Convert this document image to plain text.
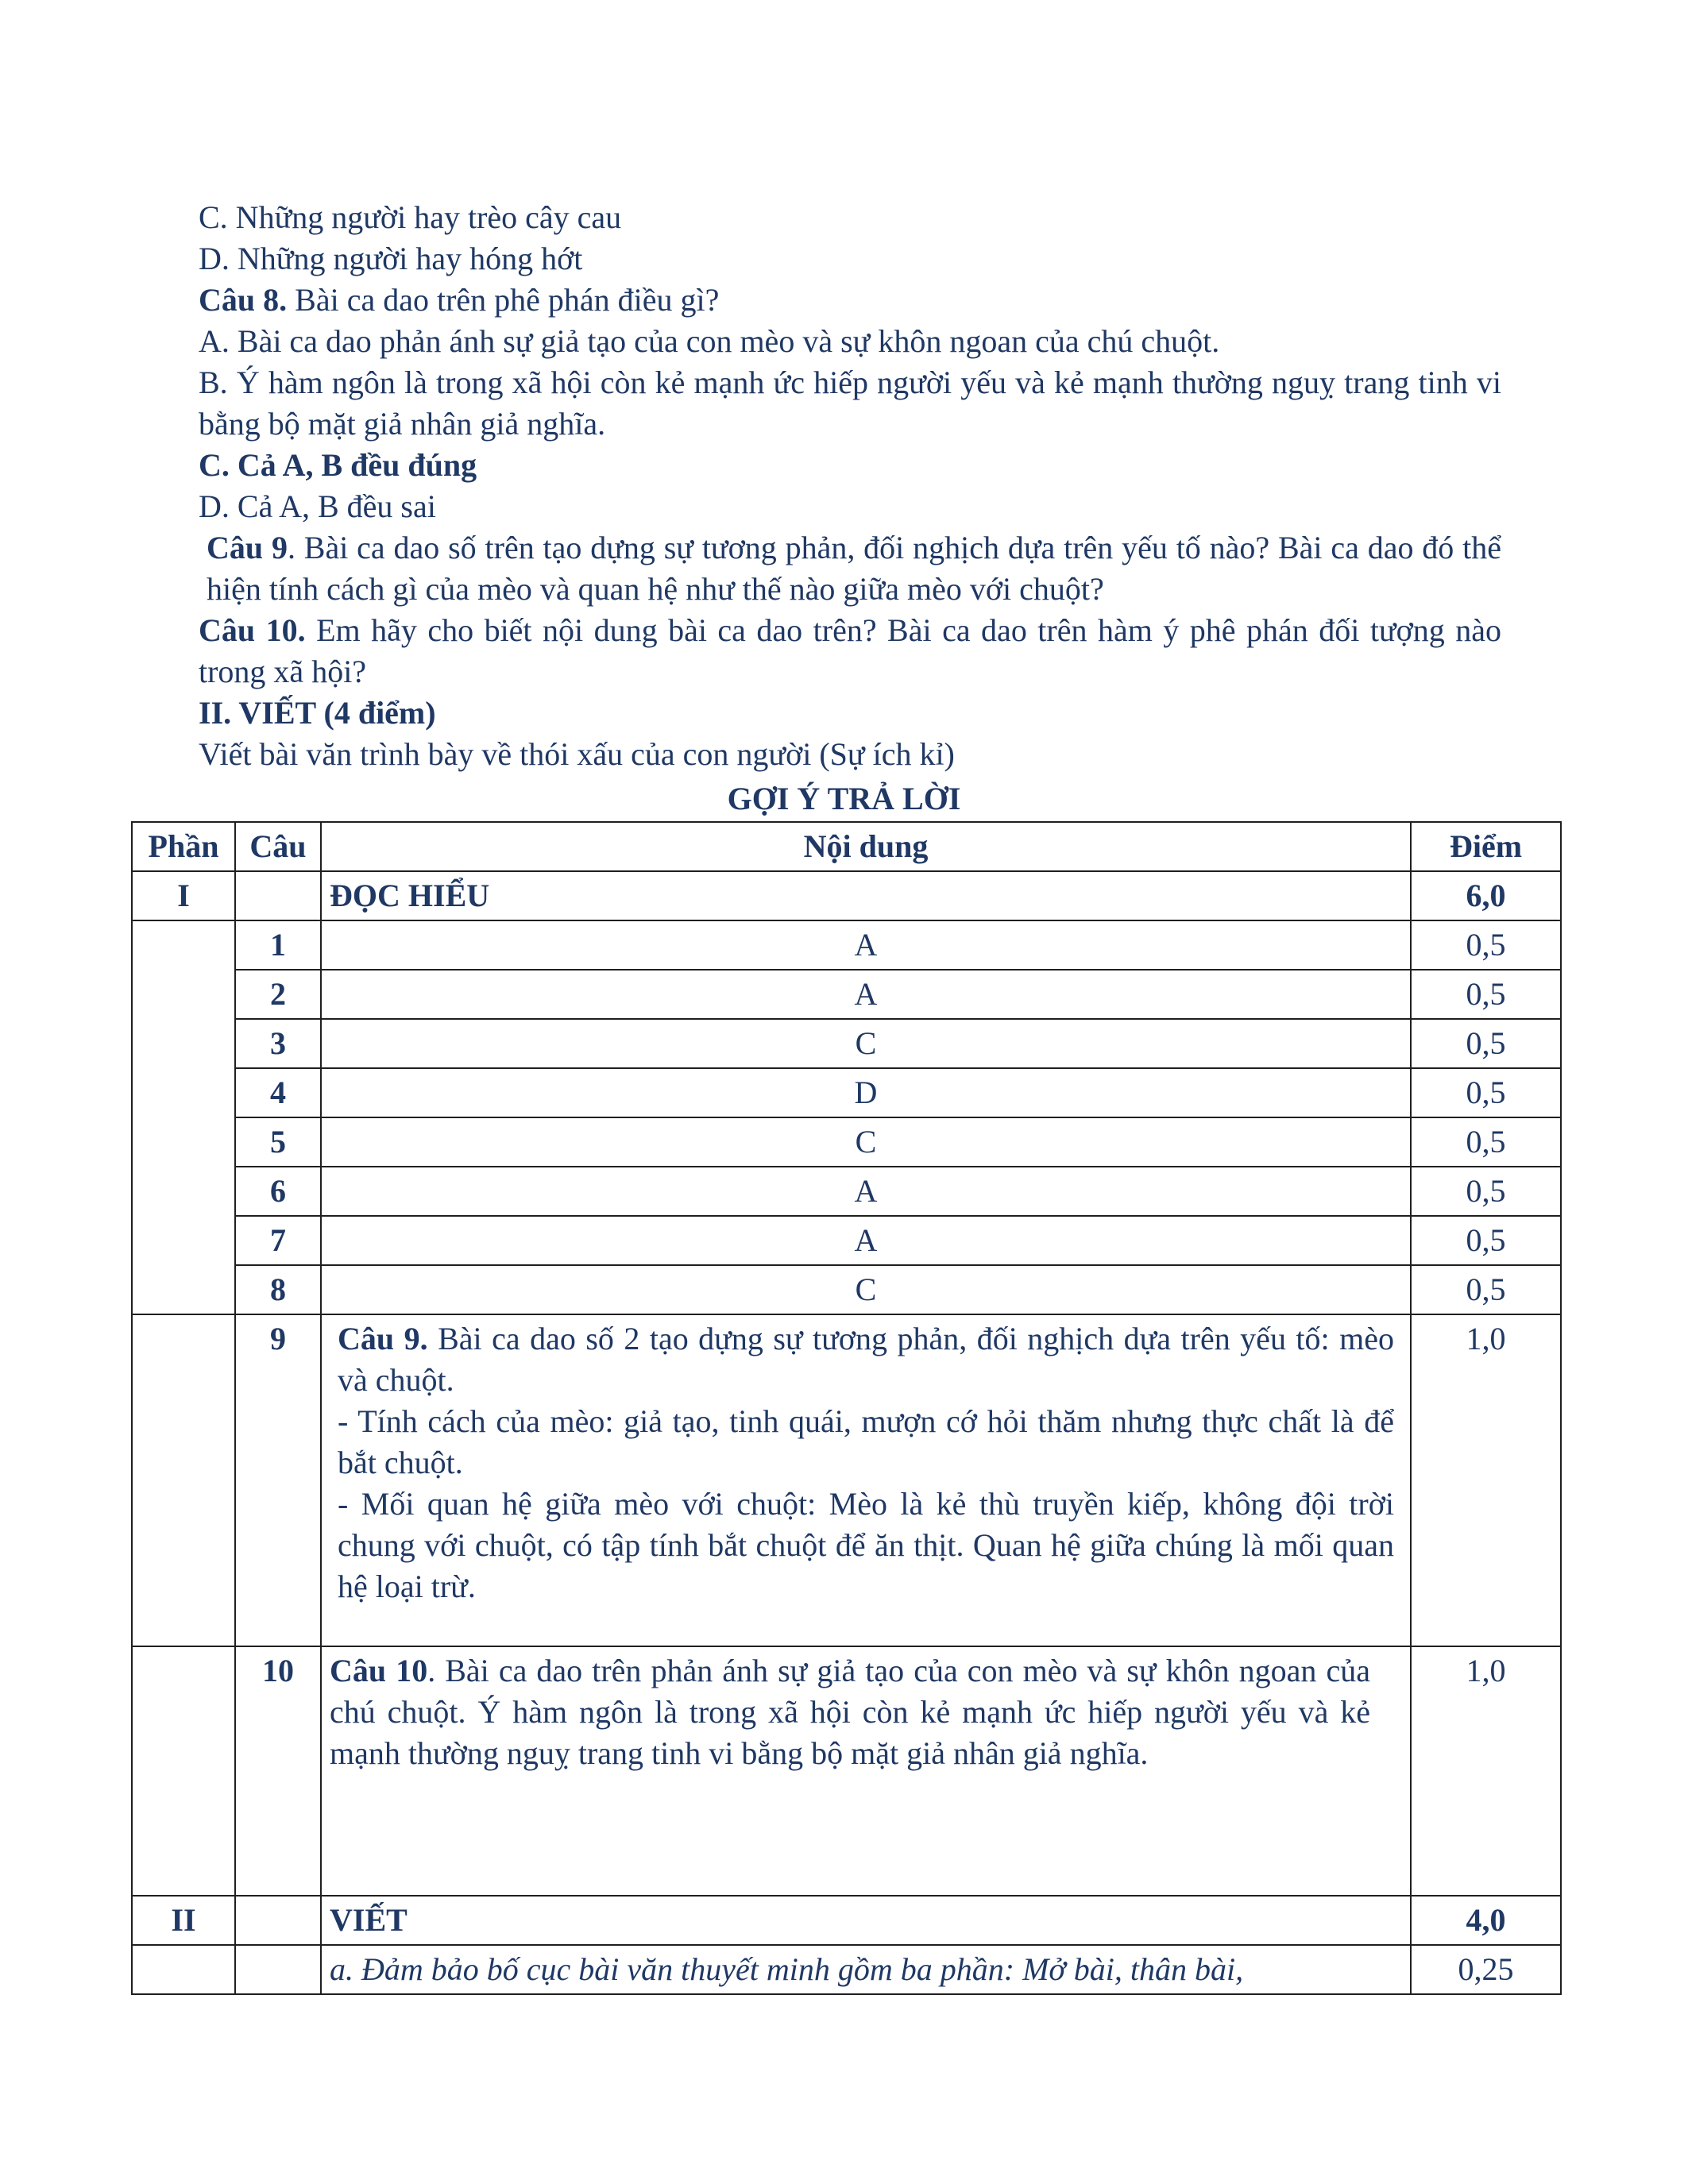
C. Những người hay trèo cây cau
D. Những người hay hóng hớt
Câu 8. Bài ca dao trên phê phán điều gì?
A. Bài ca dao phản ánh sự giả tạo của con mèo và sự khôn ngoan của chú chuột.
B. Ý hàm ngôn là trong xã hội còn kẻ mạnh ức hiếp người yếu và kẻ mạnh thường nguỵ trang tinh vi bằng bộ mặt giả nhân giả nghĩa.
C. Cả A, B đều đúng
D. Cả A, B đều sai
Câu 9. Bài ca dao số trên tạo dựng sự tương phản, đối nghịch dựa trên yếu tố nào? Bài ca dao đó thể hiện tính cách gì của mèo và quan hệ như thế nào giữa mèo với chuột?
Câu 10. Em hãy cho biết nội dung bài ca dao trên? Bài ca dao trên hàm ý phê phán đối tượng nào trong xã hội?
II. VIẾT (4 điểm)
Viết bài văn trình bày về thói xấu của con người (Sự ích kỉ)
GỢI Ý TRẢ LỜI
Phần	Câu	Nội dung	Điểm
I		ĐỌC HIỂU	6,0
	1	A	0,5
	2	A	0,5
	3	C	0,5
	4	D	0,5
	5	C	0,5
	6	A	0,5
	7	A	0,5
	8	C	0,5
	9	Câu 9. Bài ca dao số 2 tạo dựng sự tương phản, đối nghịch dựa trên yếu tố: mèo và chuột.
- Tính cách của mèo: giả tạo, tinh quái, mượn cớ hỏi thăm nhưng thực chất là để bắt chuột.
- Mối quan hệ giữa mèo với chuột: Mèo là kẻ thù truyền kiếp, không đội trời chung với chuột, có tập tính bắt chuột để ăn thịt. Quan hệ giữa chúng là mối quan hệ loại trừ.	1,0
	10	Câu 10. Bài ca dao trên phản ánh sự giả tạo của con mèo và sự khôn ngoan của chú chuột. Ý hàm ngôn là trong xã hội còn kẻ mạnh ức hiếp người yếu và kẻ mạnh thường nguỵ trang tinh vi bằng bộ mặt giả nhân giả nghĩa.	1,0
II		VIẾT	4,0
		a. Đảm bảo bố cục bài văn thuyết minh gồm ba phần: Mở bài, thân bài,	0,25
